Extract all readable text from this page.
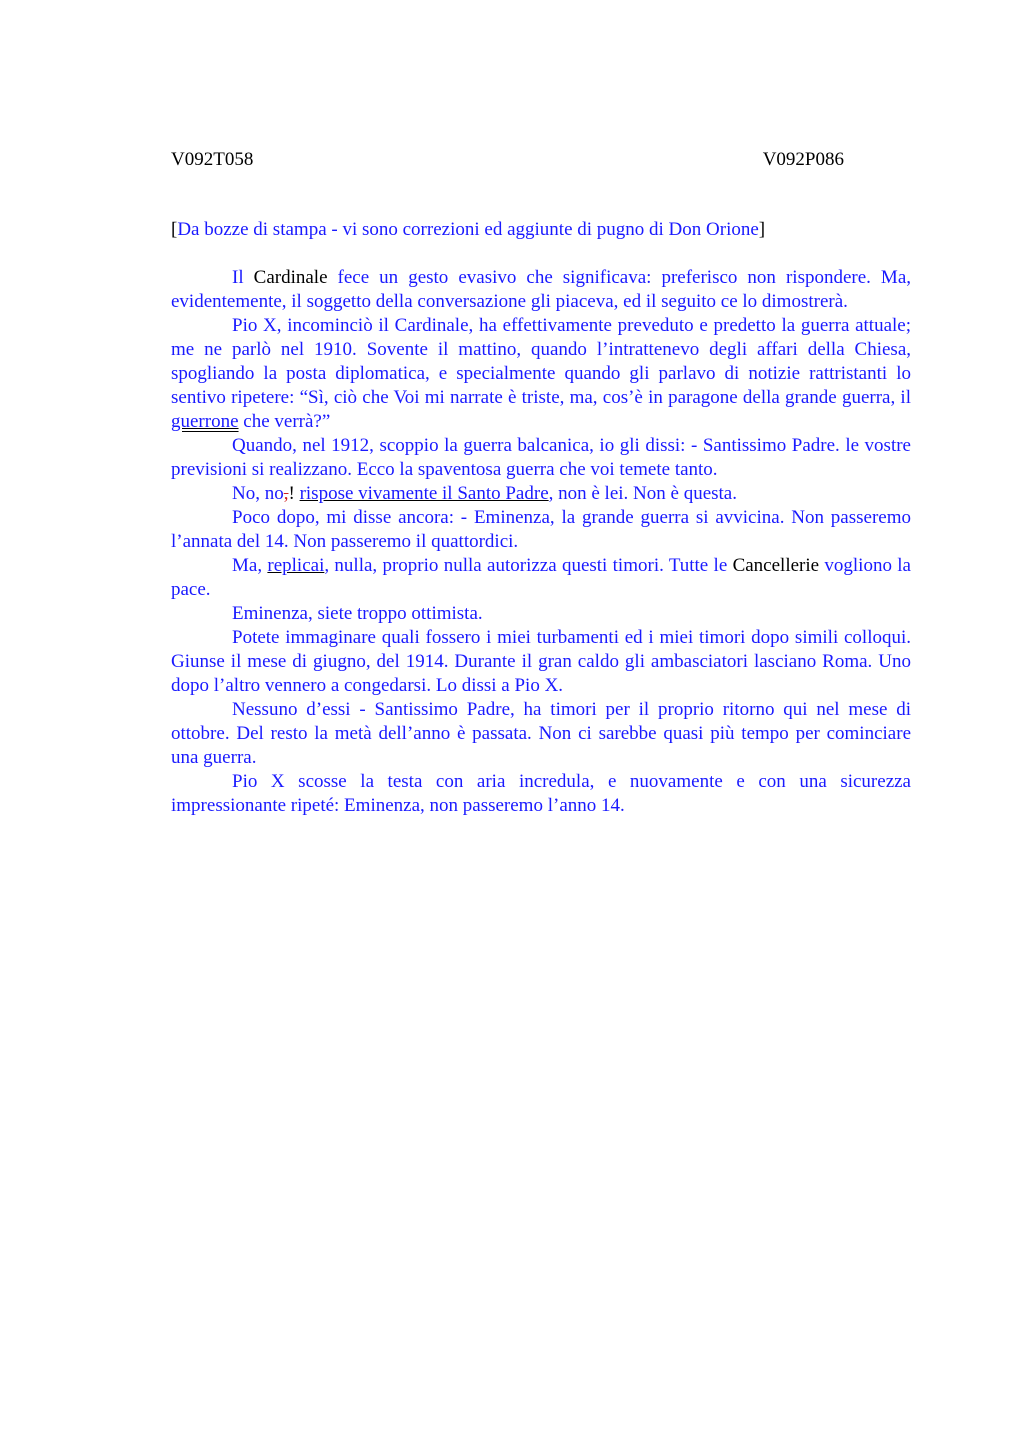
V092T058	V092P086
[Da bozze di stampa - vi sono correzioni ed aggiunte di pugno di Don Orione]

Il Cardinale fece un gesto evasivo che significava: preferisco non rispondere. Ma, evidentemente, il soggetto della conversazione gli piaceva, ed il seguito ce lo dimostrerà.

Pio X, incominciò il Cardinale, ha effettivamente preveduto e predetto la guerra attuale; me ne parlò nel 1910. Sovente il mattino, quando l’intrattenevo degli affari della Chiesa, spogliando la posta diplomatica, e specialmente quando gli parlavo di notizie rattristanti lo sentivo ripetere: “Sì, ciò che Voi mi narrate è triste, ma, cos’è in paragone della grande guerra, il guerrone che verrà?”

Quando, nel 1912, scoppio la guerra balcanica, io gli dissi: - Santissimo Padre. le vostre previsioni si realizzano. Ecco la spaventosa guerra che voi temete tanto.

No, no,! rispose vivamente il Santo Padre, non è lei. Non è questa.

Poco dopo, mi disse ancora: - Eminenza, la grande guerra si avvicina. Non passeremo l’annata del 14. Non passeremo il quattordici.

Ma, replicai, nulla, proprio nulla autorizza questi timori. Tutte le Cancellerie vogliono la pace.

Eminenza, siete troppo ottimista.

Potete immaginare quali fossero i miei turbamenti ed i miei timori dopo simili colloqui. Giunse il mese di giugno, del 1914. Durante il gran caldo gli ambasciatori lasciano Roma. Uno dopo l’altro vennero a congedarsi. Lo dissi a Pio X.

Nessuno d’essi - Santissimo Padre, ha timori per il proprio ritorno qui nel mese di ottobre. Del resto la metà dell’anno è passata. Non ci sarebbe quasi più tempo per cominciare una guerra.

Pio X scosse la testa con aria incredula, e nuovamente e con una sicurezza impressionante ripeté: Eminenza, non passeremo l’anno 14.
